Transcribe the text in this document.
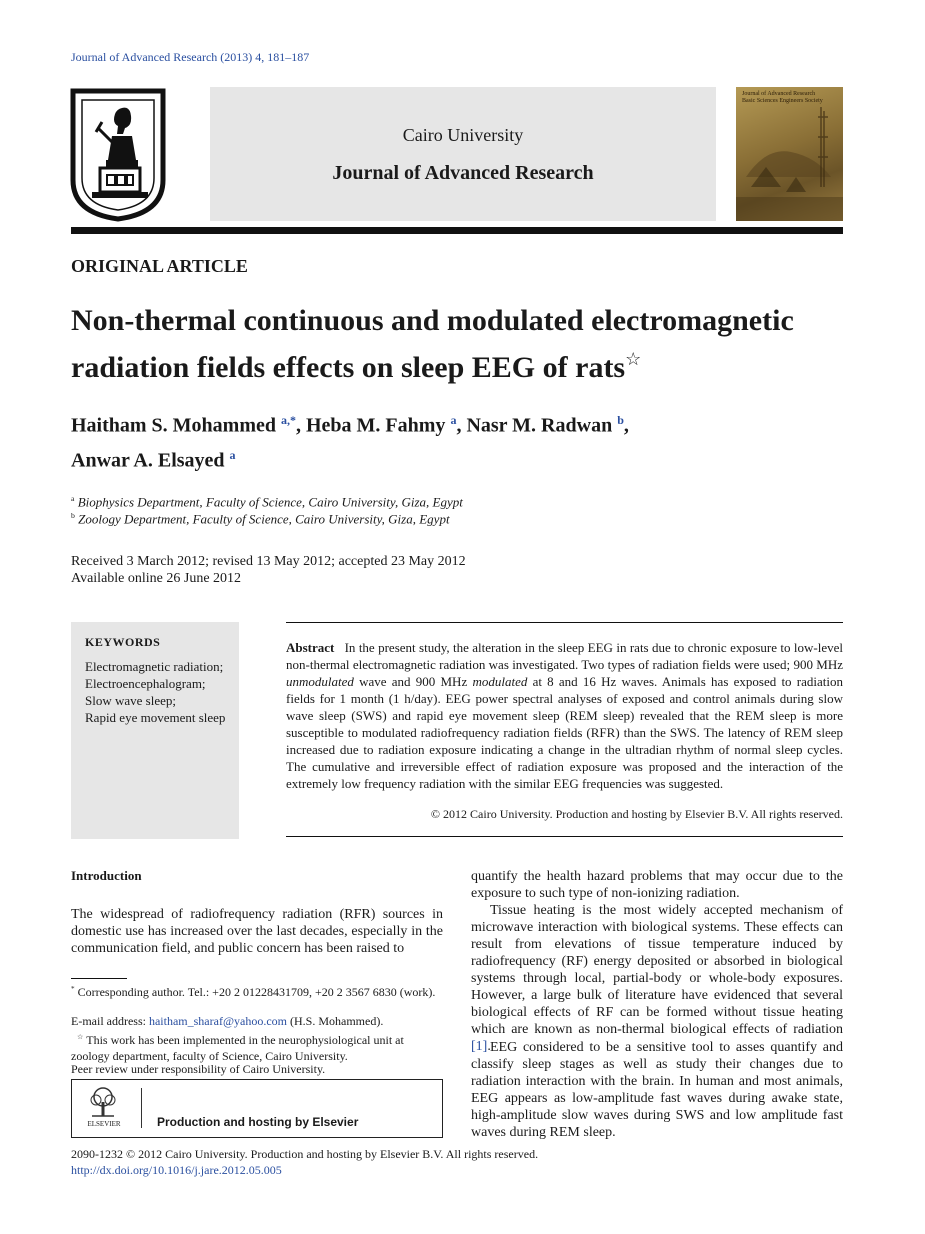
Journal of Advanced Research (2013) 4, 181–187
Cairo University
Journal of Advanced Research
Journal of Advanced Research
Basic Sciences Engineers Society
ORIGINAL ARTICLE
Non-thermal continuous and modulated electromagnetic
radiation fields effects on sleep EEG of rats☆
Haitham S. Mohammed $^{a,*}$, Heba M. Fahmy $^a$, Nasr M. Radwan $^b$,
Anwar A. Elsayed $^a$
$^a$ Biophysics Department, Faculty of Science, Cairo University, Giza, Egypt
$^b$ Zoology Department, Faculty of Science, Cairo University, Giza, Egypt
Received 3 March 2012; revised 13 May 2012; accepted 23 May 2012
Available online 26 June 2012
KEYWORDS
Electromagnetic radiation;
Electroencephalogram;
Slow wave sleep;
Rapid eye movement sleep
Abstract In the present study, the alteration in the sleep EEG in rats due to chronic exposure to low-level non-thermal electromagnetic radiation was investigated. Two types of radiation fields were used; 900 MHz unmodulated wave and 900 MHz modulated at 8 and 16 Hz waves. Animals has exposed to radiation fields for 1 month (1 h/day). EEG power spectral analyses of exposed and control animals during slow wave sleep (SWS) and rapid eye movement sleep (REM sleep) revealed that the REM sleep is more susceptible to modulated radiofrequency radiation fields (RFR) than the SWS. The latency of REM sleep increased due to radiation exposure indicating a change in the ultradian rhythm of normal sleep cycles. The cumulative and irreversible effect of radiation exposure was proposed and the interaction of the extremely low frequency radiation with the similar EEG frequencies was suggested.
© 2012 Cairo University. Production and hosting by Elsevier B.V. All rights reserved.
Introduction
The widespread of radiofrequency radiation (RFR) sources in domestic use has increased over the last decades, especially in the communication field, and public concern has been raised to
* Corresponding author. Tel.: +20 2 01228431709, +20 2 3567 6830 (work).
E-mail address: haitham_sharaf@yahoo.com (H.S. Mohammed).
☆ This work has been implemented in the neurophysiological unit at zoology department, faculty of Science, Cairo University.
Peer review under responsibility of Cairo University.
ELSEVIER	Production and hosting by Elsevier
quantify the health hazard problems that may occur due to the exposure to such type of non-ionizing radiation.
Tissue heating is the most widely accepted mechanism of microwave interaction with biological systems. These effects can result from elevations of tissue temperature induced by radiofrequency (RF) energy deposited or absorbed in biological systems through local, partial-body or whole-body exposures. However, a large bulk of literature have evidenced that several biological effects of RF can be formed without tissue heating which are known as non-thermal biological effects of radiation [1]. EEG considered to be a sensitive tool to asses quantify and classify sleep stages as well as study their changes due to radiation interaction with the brain. In human and most animals, EEG appears as low-amplitude fast waves during awake state, high-amplitude slow waves during SWS and low amplitude fast waves during REM sleep.
2090-1232 © 2012 Cairo University. Production and hosting by Elsevier B.V. All rights reserved.
http://dx.doi.org/10.1016/j.jare.2012.05.005
